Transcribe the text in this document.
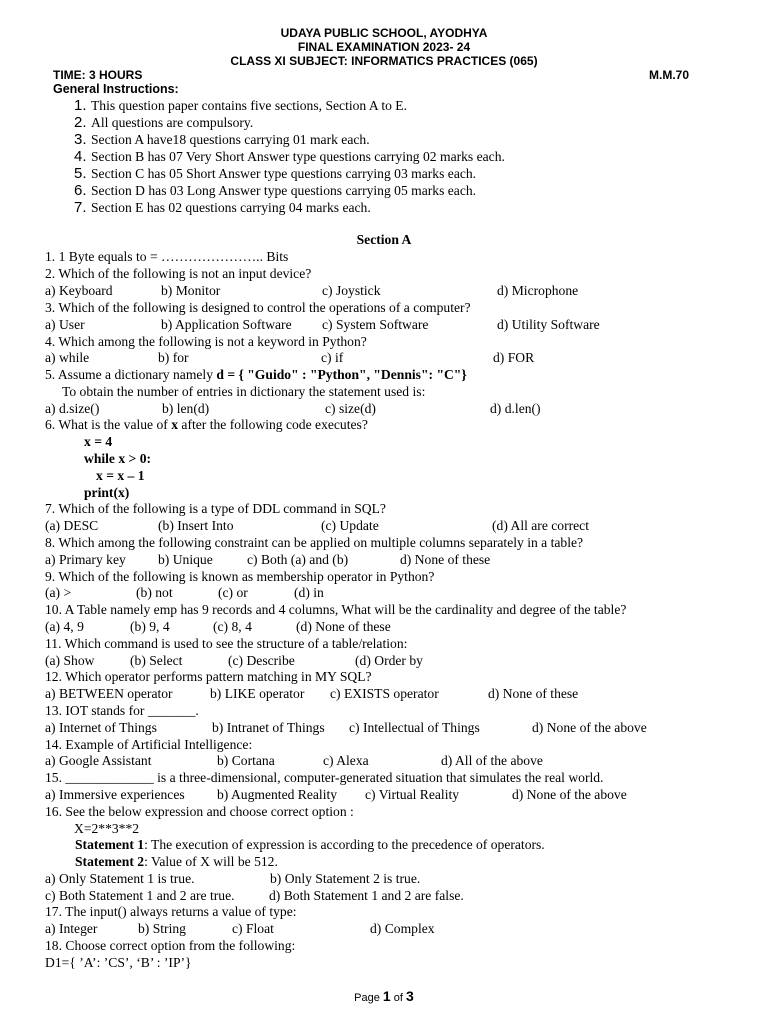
UDAYA PUBLIC SCHOOL, AYODHYA
FINAL EXAMINATION 2023- 24
CLASS XI SUBJECT: INFORMATICS PRACTICES (065)
TIME: 3 HOURS	M.M.70
General Instructions:
1. This question paper contains five sections, Section A to E.
2. All questions are compulsory.
3. Section A have18 questions carrying 01 mark each.
4. Section B has 07 Very Short Answer type questions carrying 02 marks each.
5. Section C has 05 Short Answer type questions carrying 03 marks each.
6. Section D has 03 Long Answer type questions carrying 05 marks each.
7. Section E has 02 questions carrying 04 marks each.
Section A
1. 1 Byte equals to = ………………….. Bits
2. Which of the following is not an input device?
a) Keyboard	b) Monitor	c) Joystick	d) Microphone
3. Which of the following is designed to control the operations of a computer?
a) User	b) Application Software c) System Software	d) Utility Software
4. Which among the following is not a keyword in Python?
a) while	b) for	c) if	d) FOR
5. Assume a dictionary namely d = { "Guido" : "Python", "Dennis": "C"}
To obtain the number of entries in dictionary the statement used is:
a) d.size()	b) len(d)	c) size(d)	d) d.len()
6. What is the value of x after the following code executes?
x = 4
while x > 0:
x = x – 1
print(x)
7. Which of the following is a type of DDL command in SQL?
(a) DESC	(b) Insert Into	(c) Update	(d) All are correct
8. Which among the following constraint can be applied on multiple columns separately in a table?
a) Primary key b) Unique	c) Both (a) and (b)	d) None of these
9. Which of the following is known as membership operator in Python?
(a) >	(b) not	(c) or	(d) in
10. A Table namely emp has 9 records and 4 columns, What will be the cardinality and degree of the table?
(a) 4, 9	(b) 9, 4	(c) 8, 4	(d) None of these
11. Which command is used to see the structure of a table/relation:
(a) Show	(b) Select	(c) Describe	(d) Order by
12. Which operator performs pattern matching in MY SQL?
a) BETWEEN operator	b) LIKE operator c) EXISTS operator	d) None of these
13. IOT stands for _______.
a) Internet of Things	b) Intranet of Things c) Intellectual of Things	d) None of the above
14. Example of Artificial Intelligence:
a) Google Assistant	b) Cortana	c) Alexa	d) All of the above
15. _____________ is a three-dimensional, computer-generated situation that simulates the real world.
a) Immersive experiences b) Augmented Reality c) Virtual Reality	d) None of the above
16. See the below expression and choose correct option :
X=2**3**2
Statement 1: The execution of expression is according to the precedence of operators.
Statement 2: Value of X will be 512.
a) Only Statement 1 is true.	b) Only Statement 2 is true.
c) Both Statement 1 and 2 are true.	d) Both Statement 1 and 2 are false.
17. The input() always returns a value of type:
a) Integer	b) String	c) Float	d) Complex
18. Choose correct option from the following:
D1={ ’A’: ’CS’, ‘B’ : ’IP’}
Page 1 of 3
